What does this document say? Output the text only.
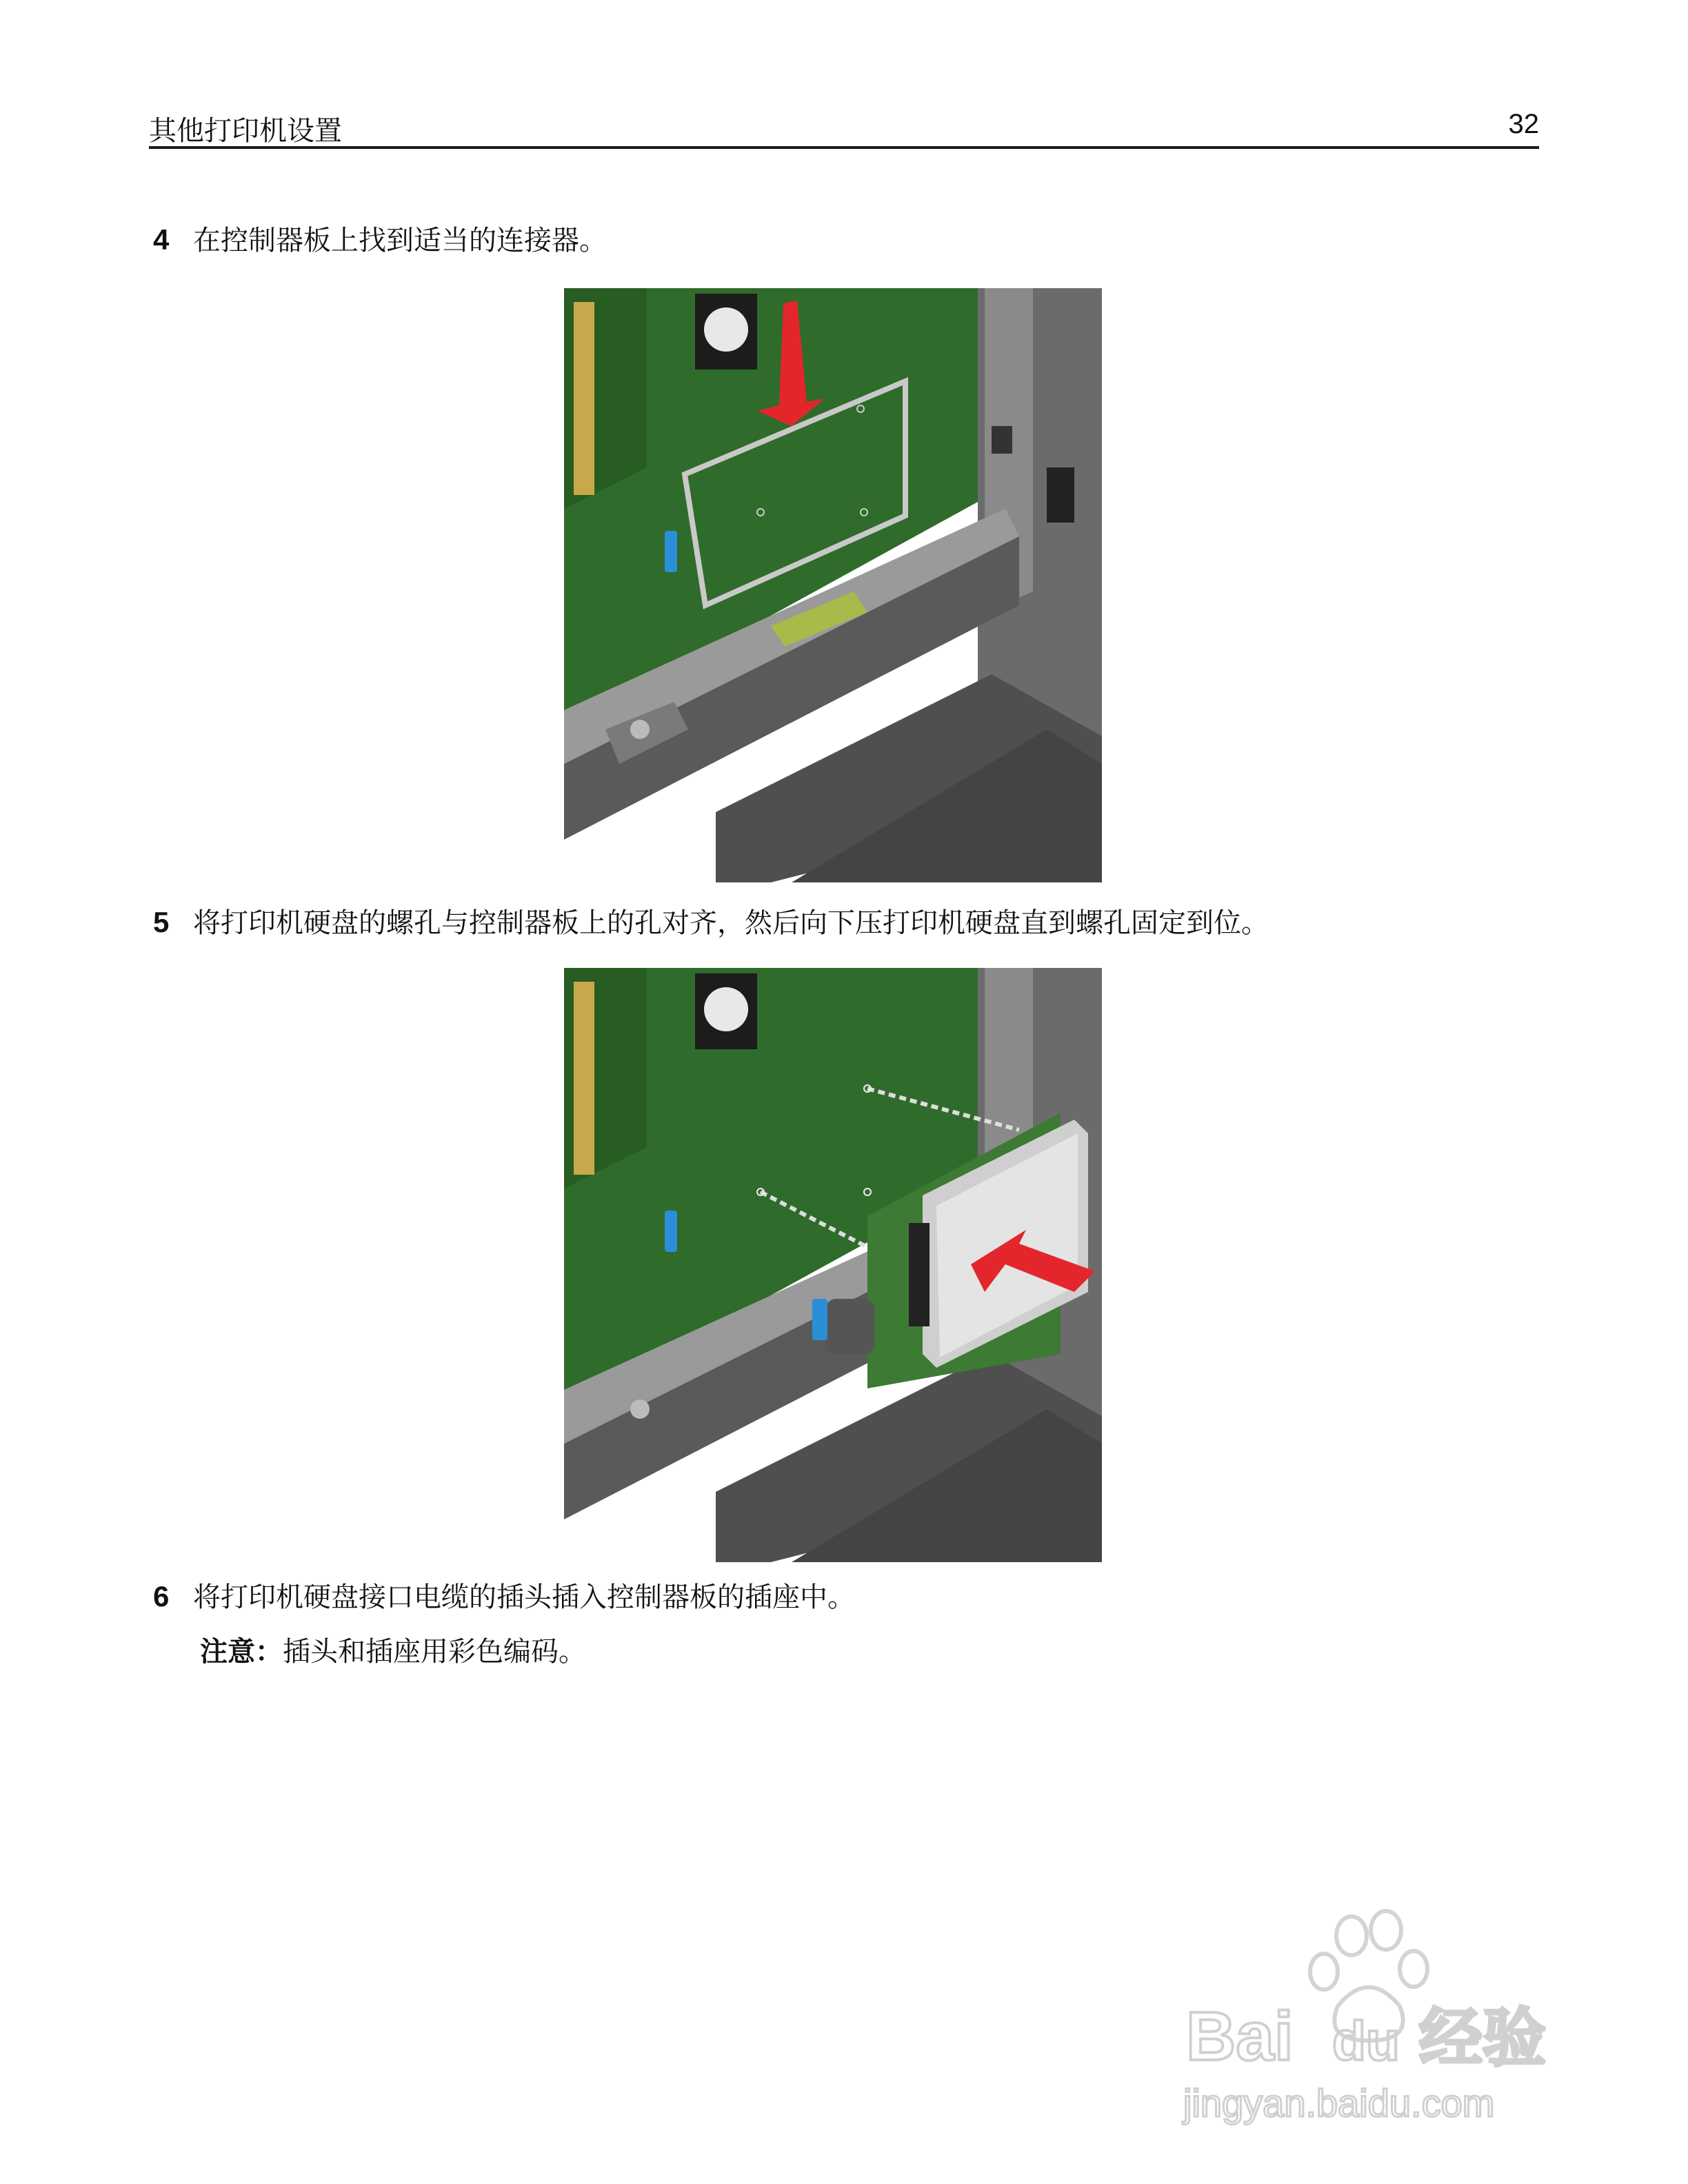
其他打印机设置	32
4 在控制器板上找到适当的连接器。
5 将打印机硬盘的螺孔与控制器板上的孔对齐，然后向下压打印机硬盘直到螺孔固定到位。
6 将打印机硬盘接口电缆的插头插入控制器板的插座中。
注意：插头和插座用彩色编码。
Bai du 经验
jingyan.baidu.com
